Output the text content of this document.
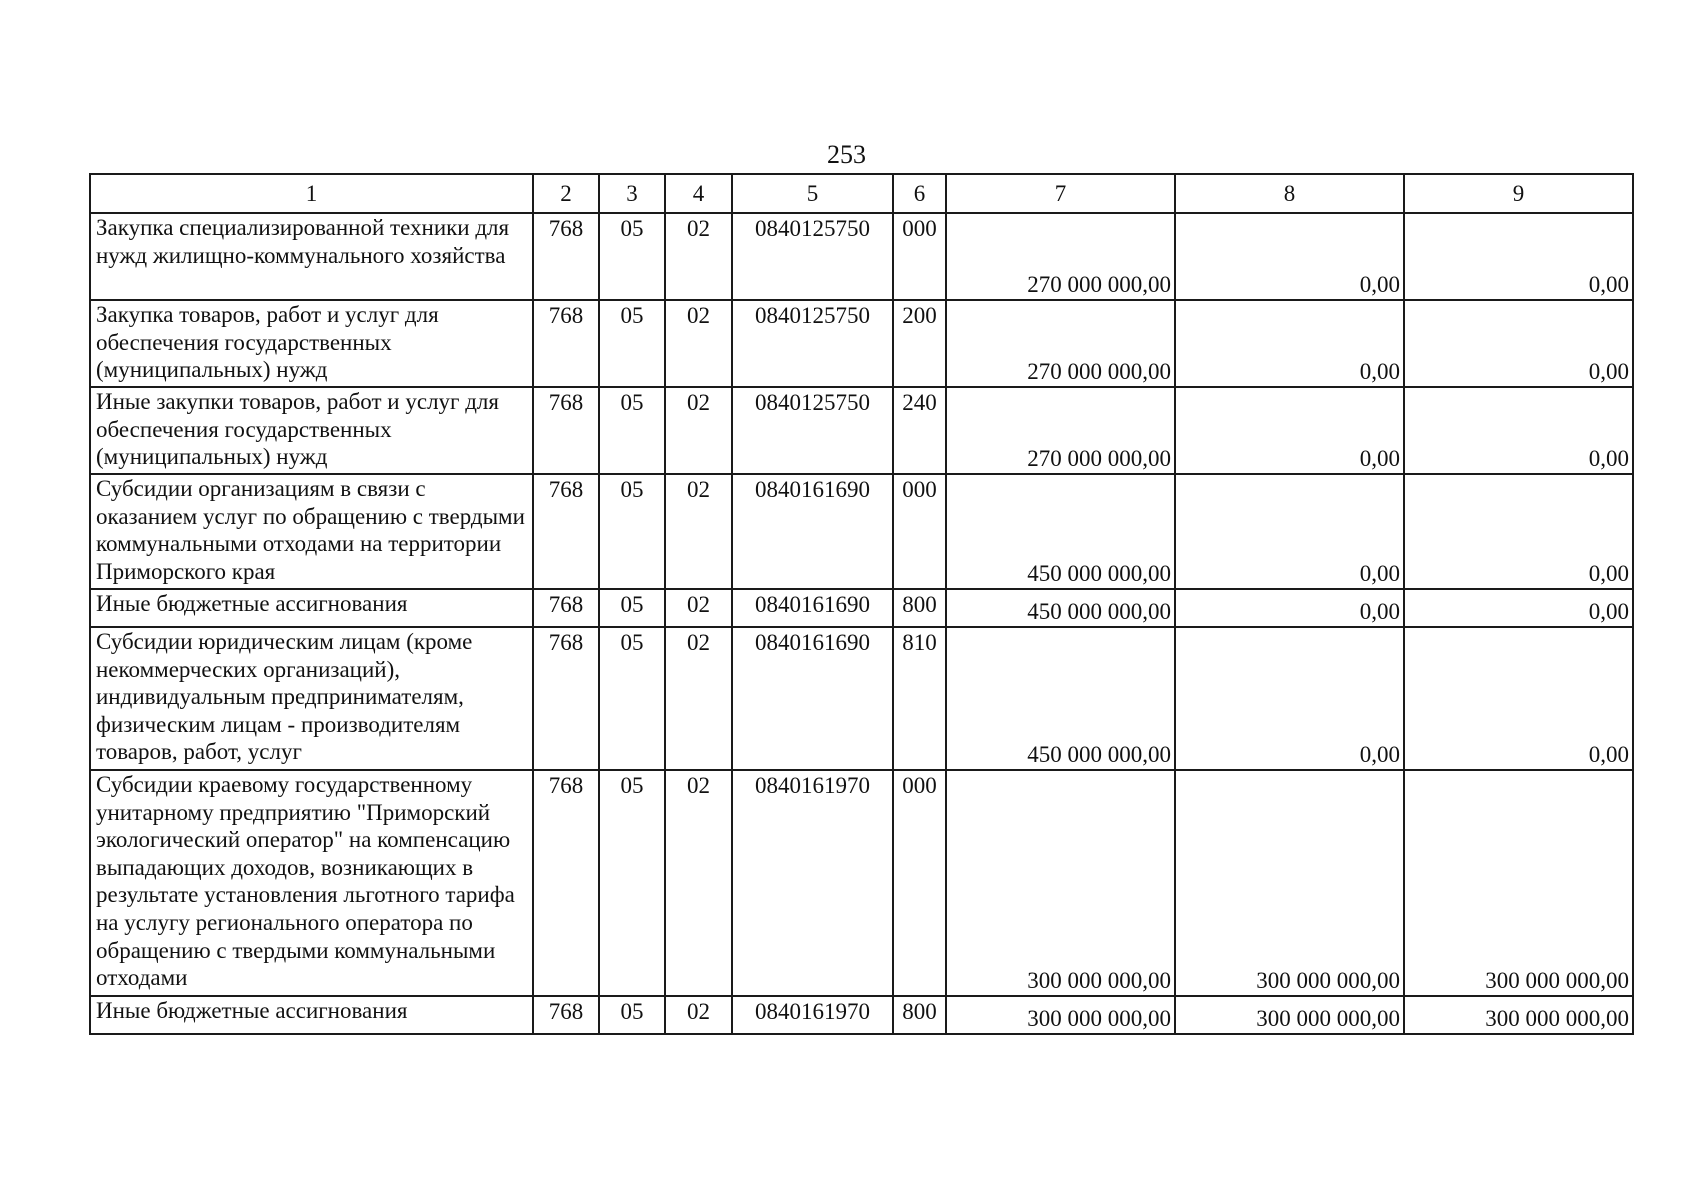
253
1	2	3	4	5	6	7	8	9
Закупка специализированной техники для нужд жилищно-коммунального хозяйства	768	05	02	0840125750	000	270 000 000,00	0,00	0,00
Закупка товаров, работ и услуг для обеспечения государственных (муниципальных) нужд	768	05	02	0840125750	200	270 000 000,00	0,00	0,00
Иные закупки товаров, работ и услуг для обеспечения государственных (муниципальных) нужд	768	05	02	0840125750	240	270 000 000,00	0,00	0,00
Субсидии организациям в связи с оказанием услуг по обращению с твердыми коммунальными отходами на территории Приморского края	768	05	02	0840161690	000	450 000 000,00	0,00	0,00
Иные бюджетные ассигнования	768	05	02	0840161690	800	450 000 000,00	0,00	0,00
Субсидии юридическим лицам (кроме некоммерческих организаций), индивидуальным предпринимателям, физическим лицам - производителям товаров, работ, услуг	768	05	02	0840161690	810	450 000 000,00	0,00	0,00
Субсидии краевому государственному унитарному предприятию "Приморский экологический оператор" на компенсацию выпадающих доходов, возникающих в результате установления льготного тарифа на услугу регионального оператора по обращению с твердыми коммунальными отходами	768	05	02	0840161970	000	300 000 000,00	300 000 000,00	300 000 000,00
Иные бюджетные ассигнования	768	05	02	0840161970	800	300 000 000,00	300 000 000,00	300 000 000,00
